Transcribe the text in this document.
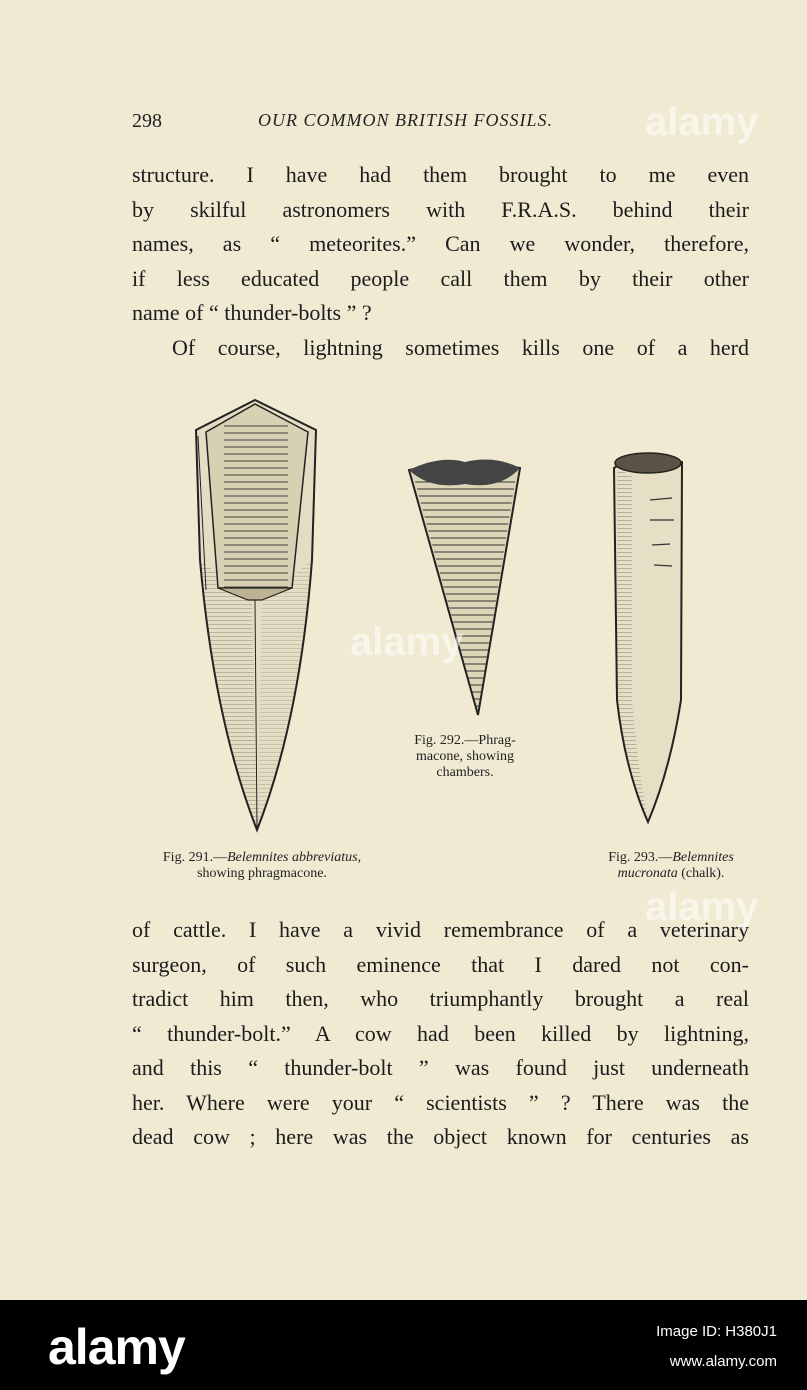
298	OUR COMMON BRITISH FOSSILS.
structure. I have had them brought to me even
by skilful astronomers with F.R.A.S. behind their
names, as “ meteorites.” Can we wonder, therefore,
if less educated people call them by their other
name of “ thunder-bolts ” ?
Of course, lightning sometimes kills one of a herd
Fig. 292.—Phrag-
macone, showing
chambers.
Fig. 291.—Belemnites abbreviatus,
showing phragmacone.
Fig. 293.—Belemnites
mucronata (chalk).
of cattle. I have a vivid remembrance of a veterinary
surgeon, of such eminence that I dared not con-
tradict him then, who triumphantly brought a real
“ thunder-bolt.” A cow had been killed by lightning,
and this “ thunder-bolt ” was found just underneath
her. Where were your “ scientists ” ? There was the
dead cow ; here was the object known for centuries as
alamy
alamy
alamy
alamy	Image ID: H380J1
www.alamy.com
